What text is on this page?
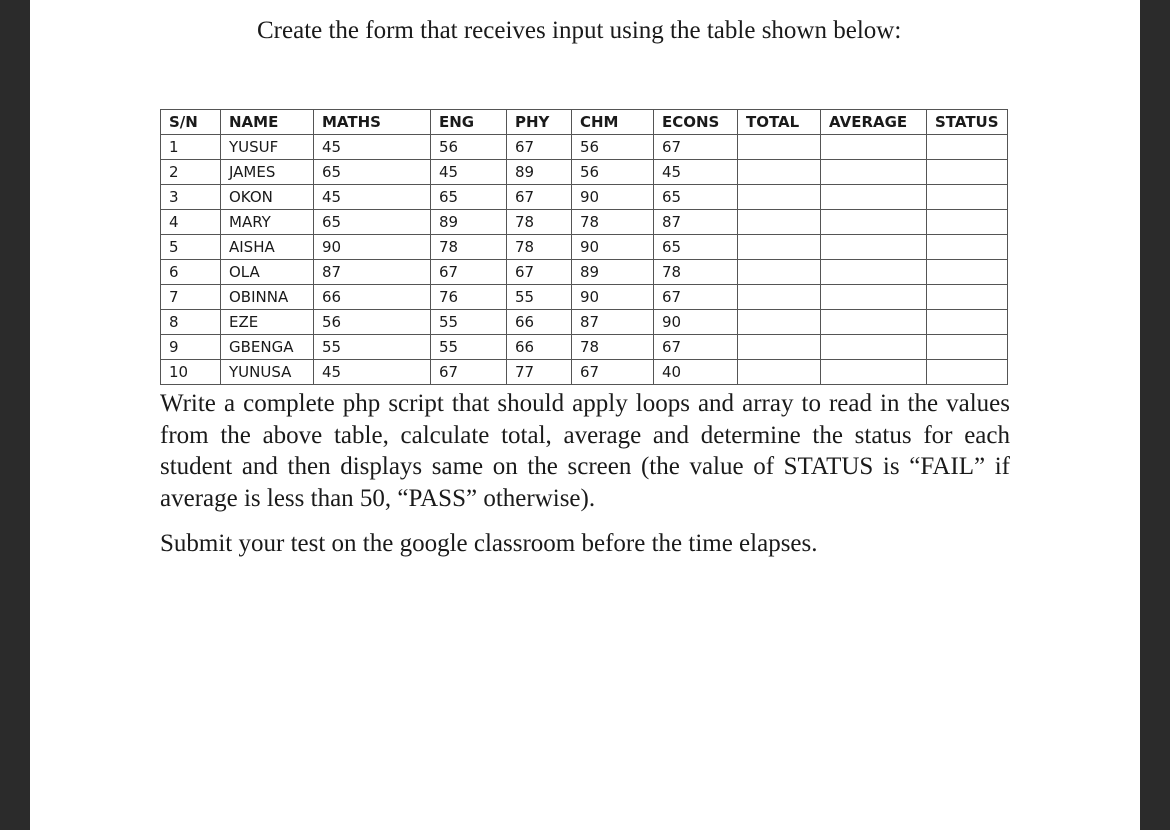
Create the form that receives input using the table shown below:
S/N	NAME	MATHS	ENG	PHY	CHM	ECONS	TOTAL	AVERAGE	STATUS
1	YUSUF	45	56	67	56	67			
2	JAMES	65	45	89	56	45			
3	OKON	45	65	67	90	65			
4	MARY	65	89	78	78	87			
5	AISHA	90	78	78	90	65			
6	OLA	87	67	67	89	78			
7	OBINNA	66	76	55	90	67			
8	EZE	56	55	66	87	90			
9	GBENGA	55	55	66	78	67			
10	YUNUSA	45	67	77	67	40			

Write a complete php script that should apply loops and array to read in the values from the above table, calculate total, average and determine the status for each student and then displays same on the screen (the value of STATUS is “FAIL” if average is less than 50, “PASS” otherwise).

Submit your test on the google classroom before the time elapses.
